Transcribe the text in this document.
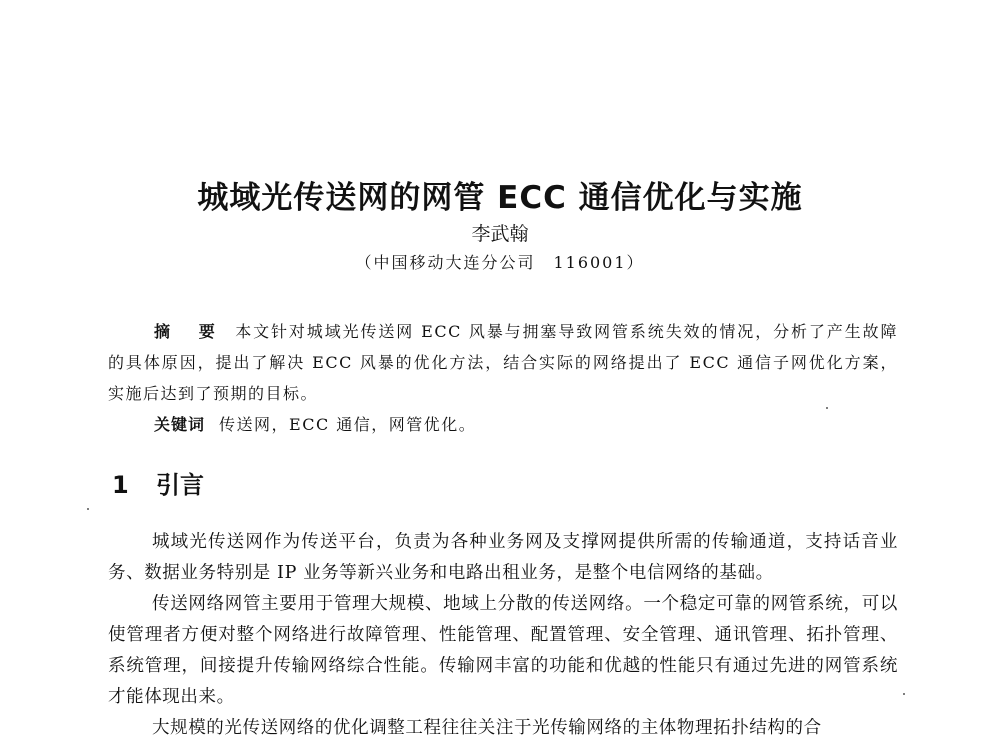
城域光传送网的网管 ECC 通信优化与实施
李武翰
（中国移动大连分公司　116001）

摘　要 本文针对城域光传送网 ECC 风暴与拥塞导致网管系统失效的情况，分析了产生故障的具体原因，提出了解决 ECC 风暴的优化方法，结合实际的网络提出了 ECC 通信子网优化方案，实施后达到了预期的目标。

关键词 传送网，ECC 通信，网管优化。

1 引言

城域光传送网作为传送平台，负责为各种业务网及支撑网提供所需的传输通道，支持话音业务、数据业务特别是 IP 业务等新兴业务和电路出租业务，是整个电信网络的基础。

传送网络网管主要用于管理大规模、地域上分散的传送网络。一个稳定可靠的网管系统，可以使管理者方便对整个网络进行故障管理、性能管理、配置管理、安全管理、通讯管理、拓扑管理、系统管理，间接提升传输网络综合性能。传输网丰富的功能和优越的性能只有通过先进的网管系统才能体现出来。

大规模的光传送网络的优化调整工程往往关注于光传输网络的主体物理拓扑结构的合
